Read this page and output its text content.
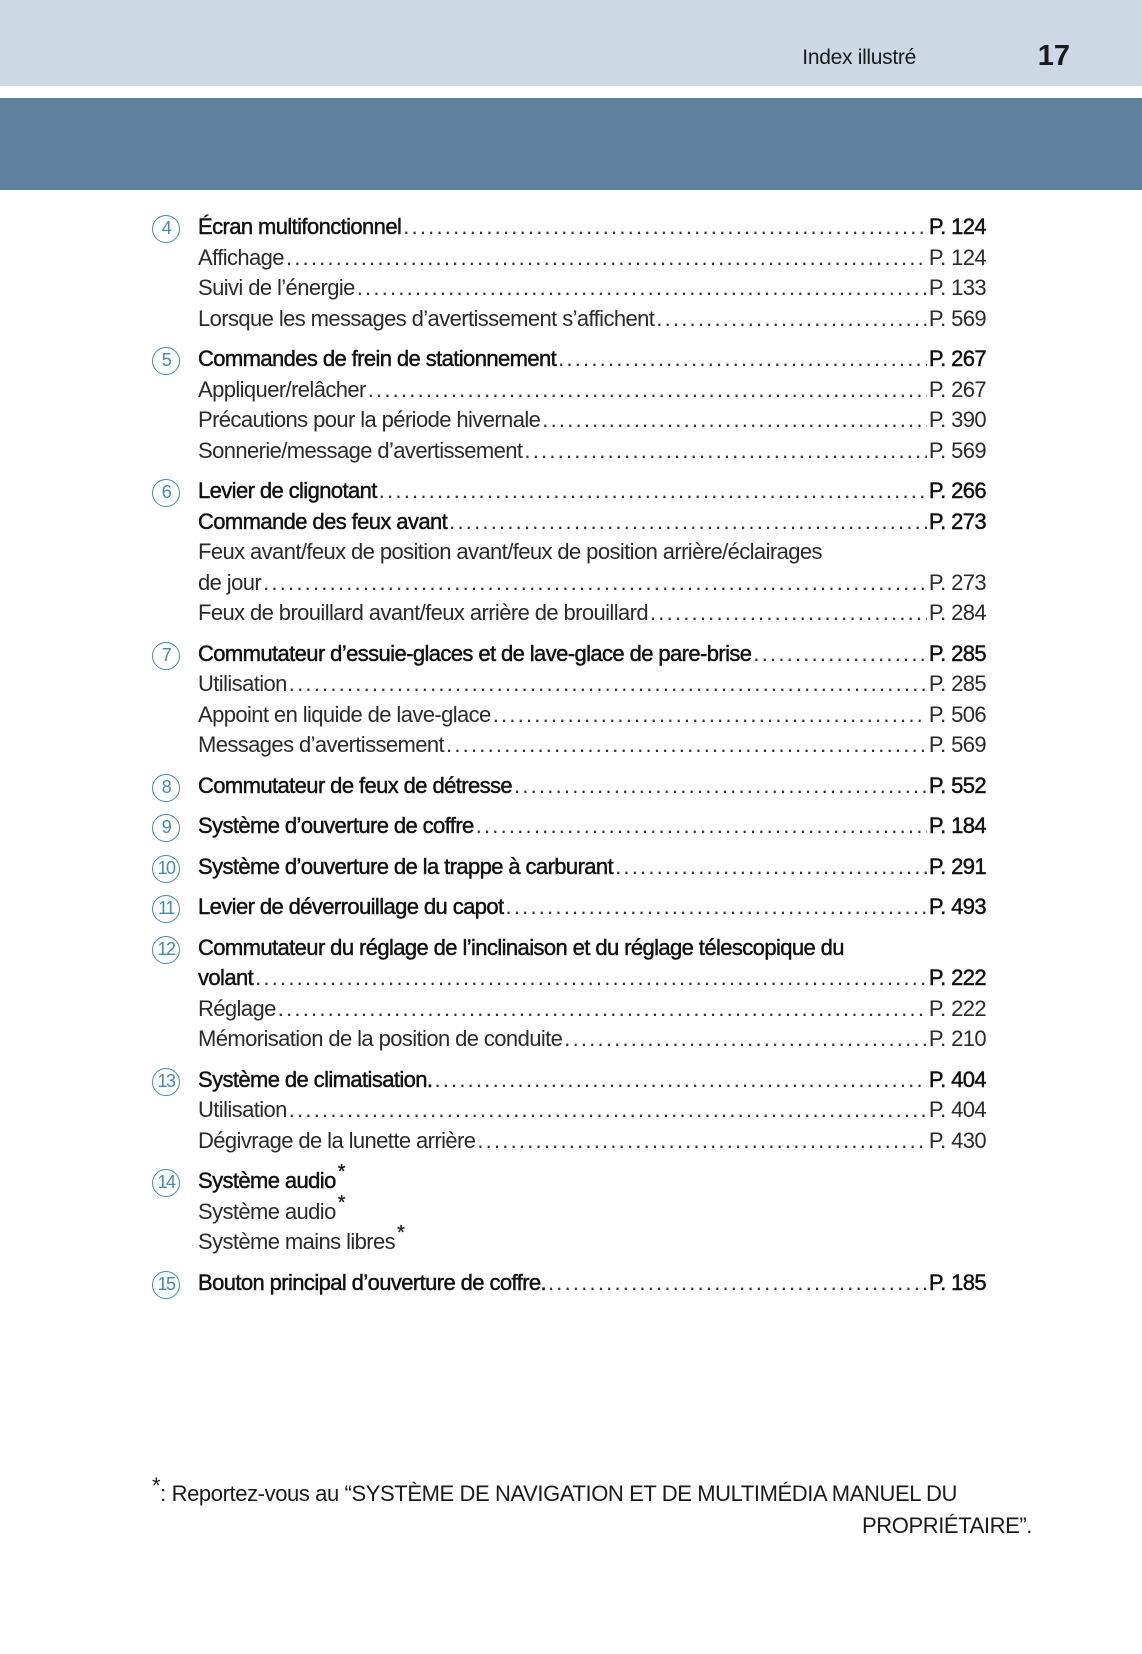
Index illustré	17
4	Écran multifonctionnel .....	P. 124
Affichage .....	P. 124
Suivi de l’énergie .....	P. 133
Lorsque les messages d’avertissement s’affichent .....	P. 569
5	Commandes de frein de stationnement .....	P. 267
Appliquer/relâcher .....	P. 267
Précautions pour la période hivernale .....	P. 390
Sonnerie/message d’avertissement .....	P. 569
6	Levier de clignotant .....	P. 266
Commande des feux avant .....	P. 273
Feux avant/feux de position avant/feux de position arrière/éclairages
de jour .....	P. 273
Feux de brouillard avant/feux arrière de brouillard .....	P. 284
7	Commutateur d’essuie-glaces et de lave-glace de pare-brise .....	P. 285
Utilisation .....	P. 285
Appoint en liquide de lave-glace .....	P. 506
Messages d’avertissement .....	P. 569
8	Commutateur de feux de détresse .....	P. 552
9	Système d’ouverture de coffre .....	P. 184
10 Système d’ouverture de la trappe à carburant .....	P. 291
11 Levier de déverrouillage du capot .....	P. 493
12 Commutateur du réglage de l’inclinaison et du réglage télescopique du
volant .....	P. 222
Réglage .....	P. 222
Mémorisation de la position de conduite .....	P. 210
13 Système de climatisation. .....	P. 404
Utilisation .....	P. 404
Dégivrage de la lunette arrière .....	P. 430
14 Système audio *
Système audio *
Système mains libres *
15 Bouton principal d’ouverture de coffre. .....	P. 185
*: Reportez-vous au “SYSTÈME DE NAVIGATION ET DE MULTIMÉDIA MANUEL DU
PROPRIÉTAIRE”.
